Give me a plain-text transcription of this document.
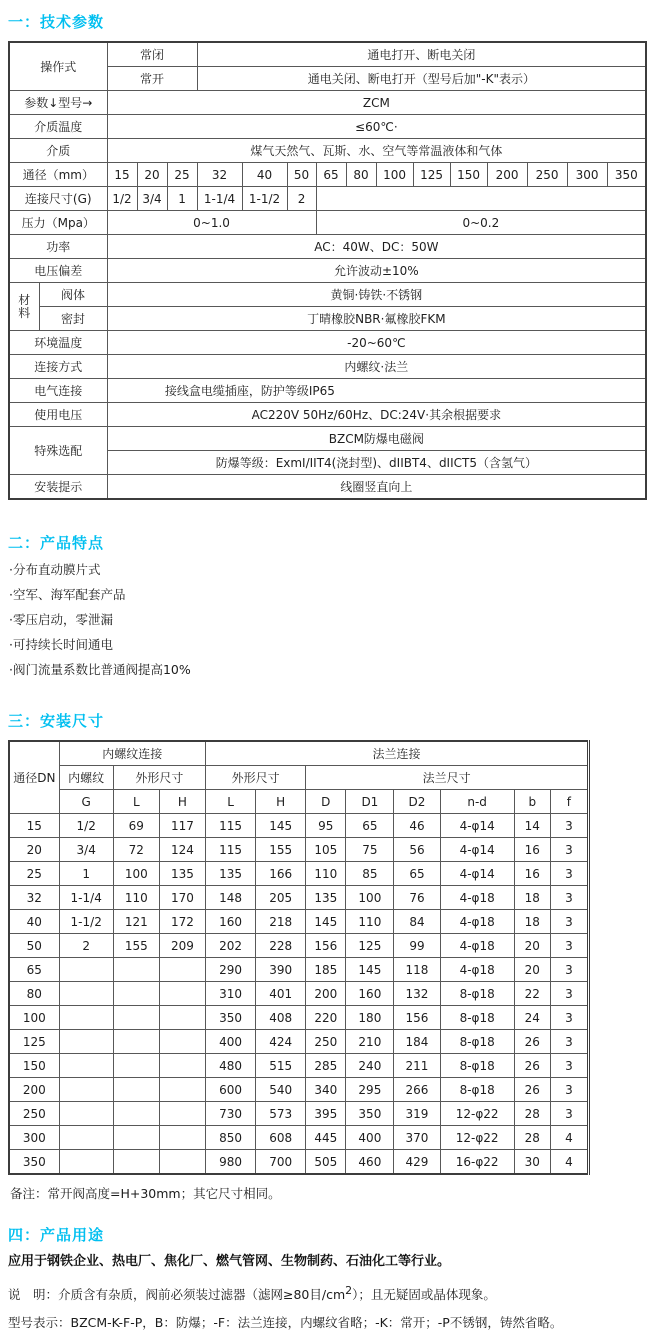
一：技术参数
操作式		常闭			通电打开、断电关闭											
		常开			通电关闭、断电打开（型号后加"-K"表示）											
参数↓型号→		ZCM														
介质温度		≤60℃·														
介质		煤气天然气、瓦斯、水、空气等常温液体和气体														
通径（mm）		15	20	25	32	40	50	65	80	100	125	150	200	250	300	350
连接尺寸(G)		1/2	3/4	1	1-1/4	1-1/2	2									
压力（Mpa）		0~1.0						0~0.2								
功率		AC：40W、DC：50W														
电压偏差		允许波动±10%														
材 料	阀体	黄铜·铸铁·不锈钢														
	密封	丁晴橡胶NBR·氟橡胶FKM														
环境温度		-20~60℃														
连接方式		内螺纹·法兰														
电气连接		接线盒电缆插座，防护等级IP65														
使用电压		AC220V 50Hz/60Hz、DC:24V·其余根据要求														
特殊选配		BZCM防爆电磁阀														
		防爆等级：ExmI/IIT4(浇封型)、dIIBT4、dIICT5（含氢气）														
安装提示		线圈竖直向上														
二：产品特点

·分布直动膜片式

·空军、海军配套产品

·零压启动，零泄漏

·可持续长时间通电

·阀门流量系数比普通阀提高10%

三：安装尺寸
通径DN	内螺纹连接			法兰连接							
	内螺纹	外形尺寸		外形尺寸		法兰尺寸					
	G	L	H	L	H	D	D1	D2	n-d	b	f
15	1/2	69	117	115	145	95	65	46	4-φ14	14	3
20	3/4	72	124	115	155	105	75	56	4-φ14	16	3
25	1	100	135	135	166	110	85	65	4-φ14	16	3
32	1-1/4	110	170	148	205	135	100	76	4-φ18	18	3
40	1-1/2	121	172	160	218	145	110	84	4-φ18	18	3
50	2	155	209	202	228	156	125	99	4-φ18	20	3
65				290	390	185	145	118	4-φ18	20	3
80				310	401	200	160	132	8-φ18	22	3
100				350	408	220	180	156	8-φ18	24	3
125				400	424	250	210	184	8-φ18	26	3
150				480	515	285	240	211	8-φ18	26	3
200				600	540	340	295	266	8-φ18	26	3
250				730	573	395	350	319	12-φ22	28	3
300				850	608	445	400	370	12-φ22	28	4
350				980	700	505	460	429	16-φ22	30	4

备注：常开阀高度=H+30mm；其它尺寸相同。

四：产品用途

应用于钢铁企业、热电厂、焦化厂、燃气管网、生物制药、石油化工等行业。

说　明：介质含有杂质，阀前必须装过滤器（滤网≥80目$/cm^2$）；且无疑固或晶体现象。

型号表示：BZCM-K-F-P，B：防爆；-F：法兰连接，内螺纹省略；-K：常开；-P不锈钢，铸然省略。
